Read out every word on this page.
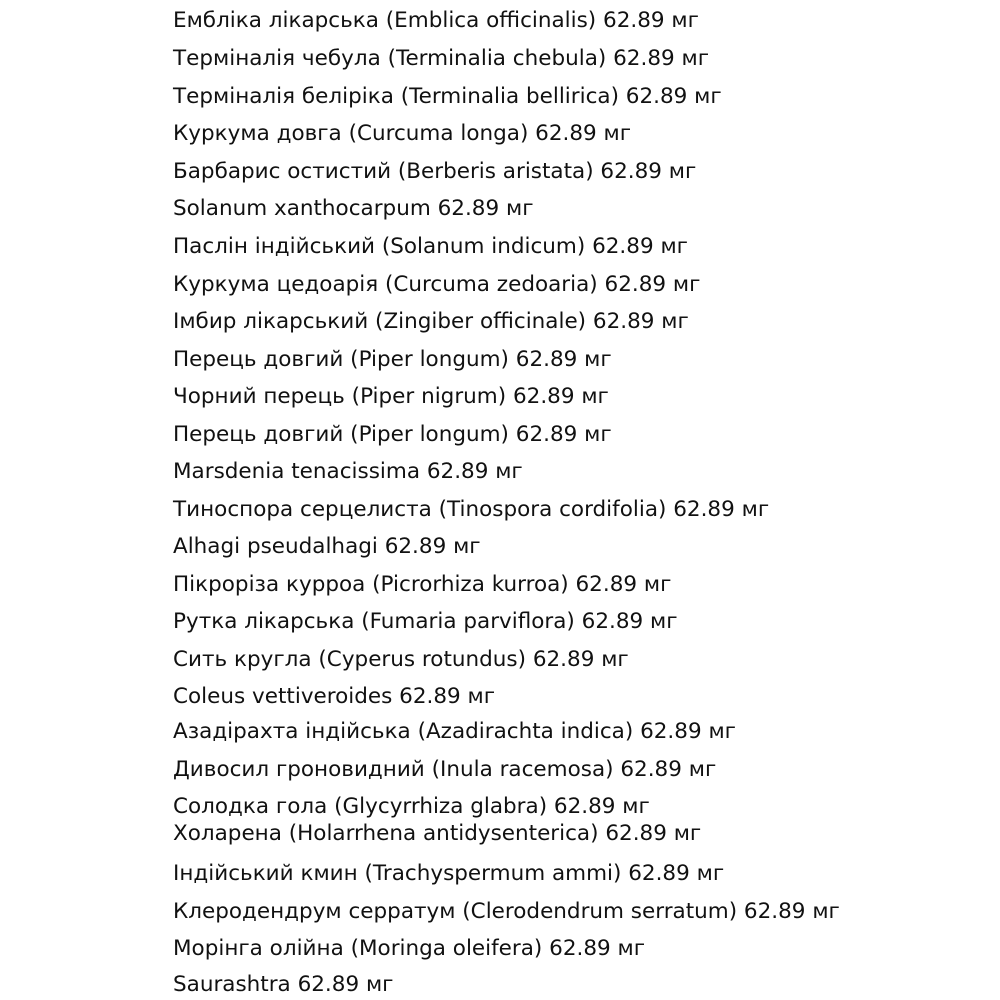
Емблiка лiкарська (Emblica officinalis) 62.89 мг
Термiналiя чебула (Terminalia chebula) 62.89 мг
Термiналiя белiрiка (Terminalia bellirica) 62.89 мг
Куркума довга (Curcuma longa) 62.89 мг
Барбарис остистий (Berberis aristata) 62.89 мг
Solanum xanthocarpum 62.89 мг
Паслiн iндiйський (Solanum indicum) 62.89 мг
Куркума цедоарiя (Curcuma zedoaria) 62.89 мг
Iмбир лiкарський (Zingiber officinale) 62.89 мг
Перець довгий (Piper longum) 62.89 мг
Чорний перець (Piper nigrum) 62.89 мг
Перець довгий (Piper longum) 62.89 мг
Marsdenia tenacissima 62.89 мг
Тиноспора серцелиста (Tinospora cordifolia) 62.89 мг
Alhagi pseudalhagi 62.89 мг
Пiкрорiза курроа (Picrorhiza kurroa) 62.89 мг
Рутка лiкарська (Fumaria parviflora) 62.89 мг
Сить кругла (Cyperus rotundus) 62.89 мг
Coleus vettiveroides 62.89 мг
Азадiрахта iндiйська (Azadirachta indica) 62.89 мг
Дивосил гроновидний (Inula racemosa) 62.89 мг
Солодка гола (Glycyrrhiza glabra) 62.89 мг
Холарена (Holarrhena antidysenterica) 62.89 мг
Iндiйський кмин (Trachyspermum ammi) 62.89 мг
Клеродендрум серратум (Clerodendrum serratum) 62.89 мг
Морiнга олiйна (Moringa oleifera) 62.89 мг
Saurashtra 62.89 мг
